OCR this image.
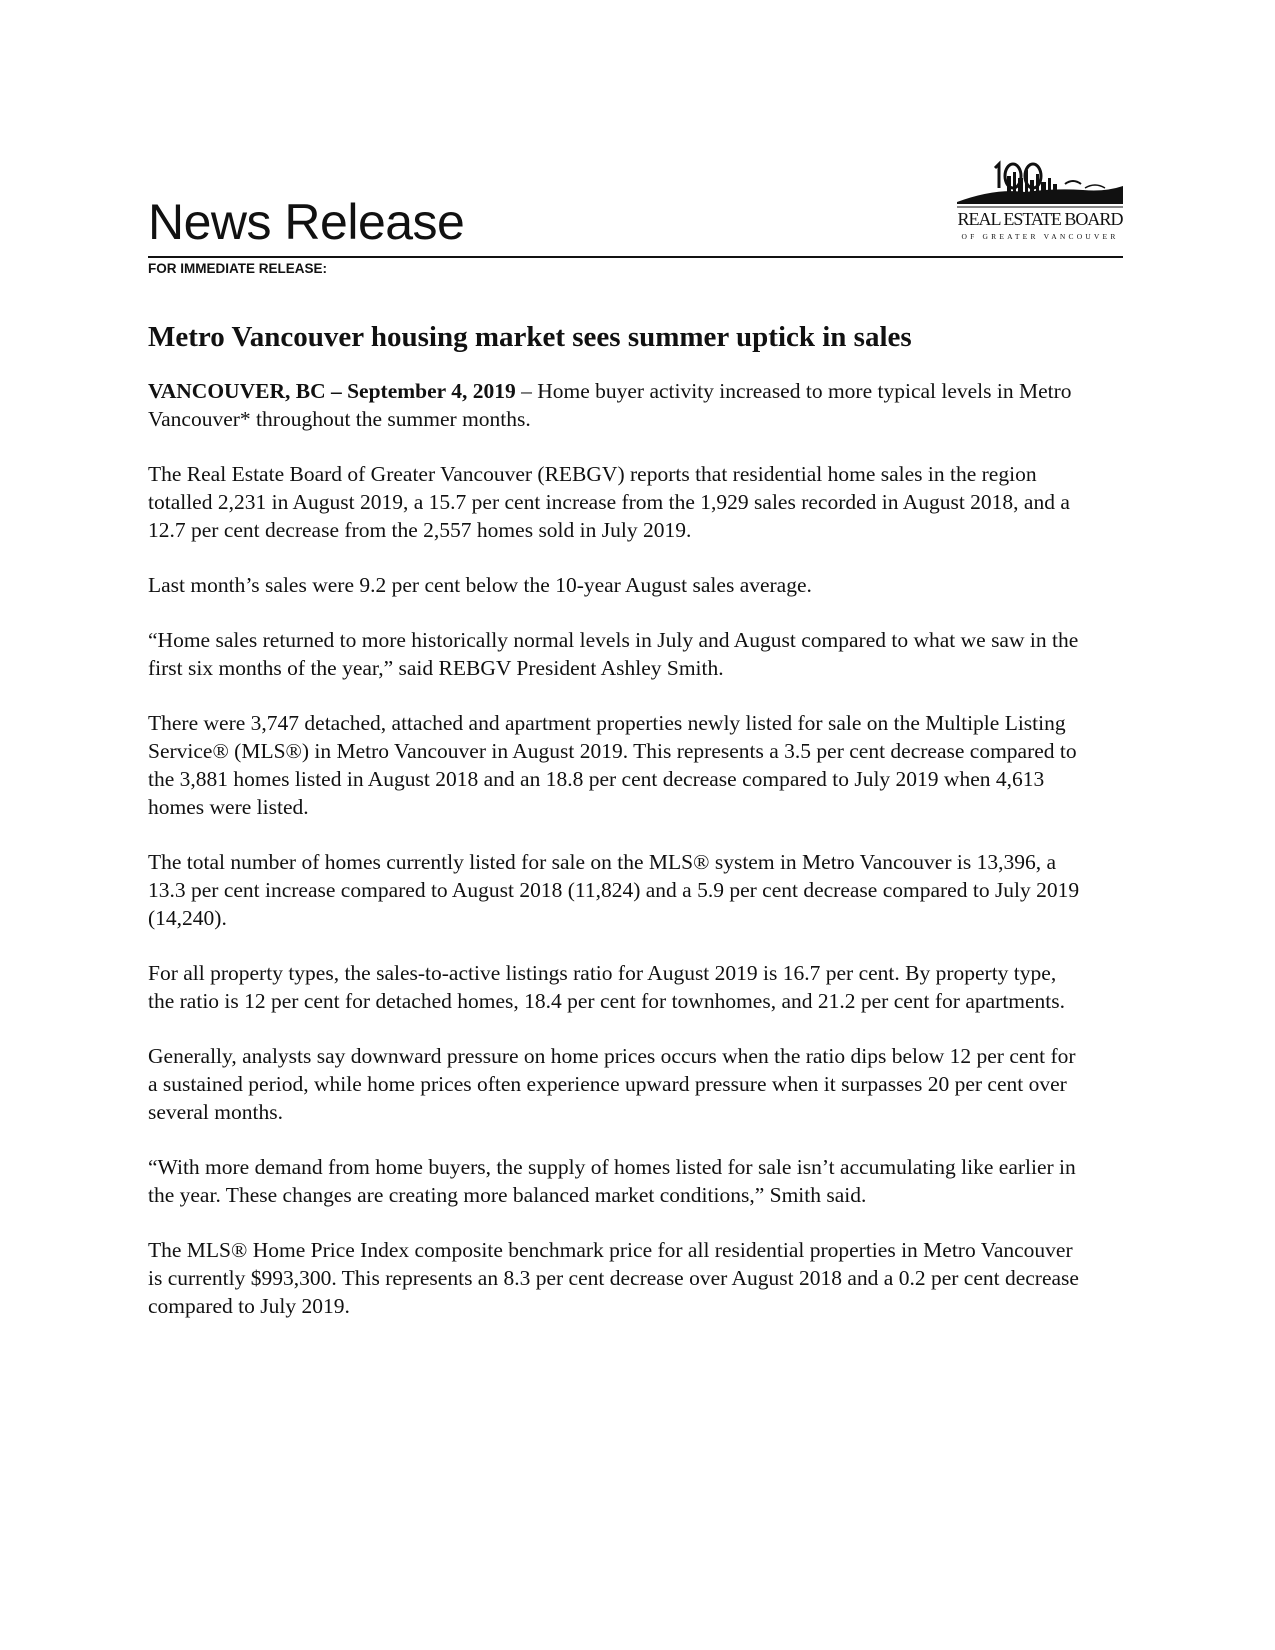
News Release
FOR IMMEDIATE RELEASE:
REAL ESTATE BOARD
OF GREATER VANCOUVER
Metro Vancouver housing market sees summer uptick in sales

VANCOUVER, BC – September 4, 2019 – Home buyer activity increased to more typical levels in Metro Vancouver* throughout the summer months.

The Real Estate Board of Greater Vancouver (REBGV) reports that residential home sales in the region totalled 2,231 in August 2019, a 15.7 per cent increase from the 1,929 sales recorded in August 2018, and a 12.7 per cent decrease from the 2,557 homes sold in July 2019.

Last month’s sales were 9.2 per cent below the 10-year August sales average.

“Home sales returned to more historically normal levels in July and August compared to what we saw in the first six months of the year,” said REBGV President Ashley Smith.

There were 3,747 detached, attached and apartment properties newly listed for sale on the Multiple Listing Service® (MLS®) in Metro Vancouver in August 2019. This represents a 3.5 per cent decrease compared to the 3,881 homes listed in August 2018 and an 18.8 per cent decrease compared to July 2019 when 4,613 homes were listed.

The total number of homes currently listed for sale on the MLS® system in Metro Vancouver is 13,396, a 13.3 per cent increase compared to August 2018 (11,824) and a 5.9 per cent decrease compared to July 2019 (14,240).

For all property types, the sales-to-active listings ratio for August 2019 is 16.7 per cent. By property type, the ratio is 12 per cent for detached homes, 18.4 per cent for townhomes, and 21.2 per cent for apartments.

Generally, analysts say downward pressure on home prices occurs when the ratio dips below 12 per cent for a sustained period, while home prices often experience upward pressure when it surpasses 20 per cent over several months.

“With more demand from home buyers, the supply of homes listed for sale isn’t accumulating like earlier in the year. These changes are creating more balanced market conditions,” Smith said.

The MLS® Home Price Index composite benchmark price for all residential properties in Metro Vancouver is currently $993,300. This represents an 8.3 per cent decrease over August 2018 and a 0.2 per cent decrease compared to July 2019.
